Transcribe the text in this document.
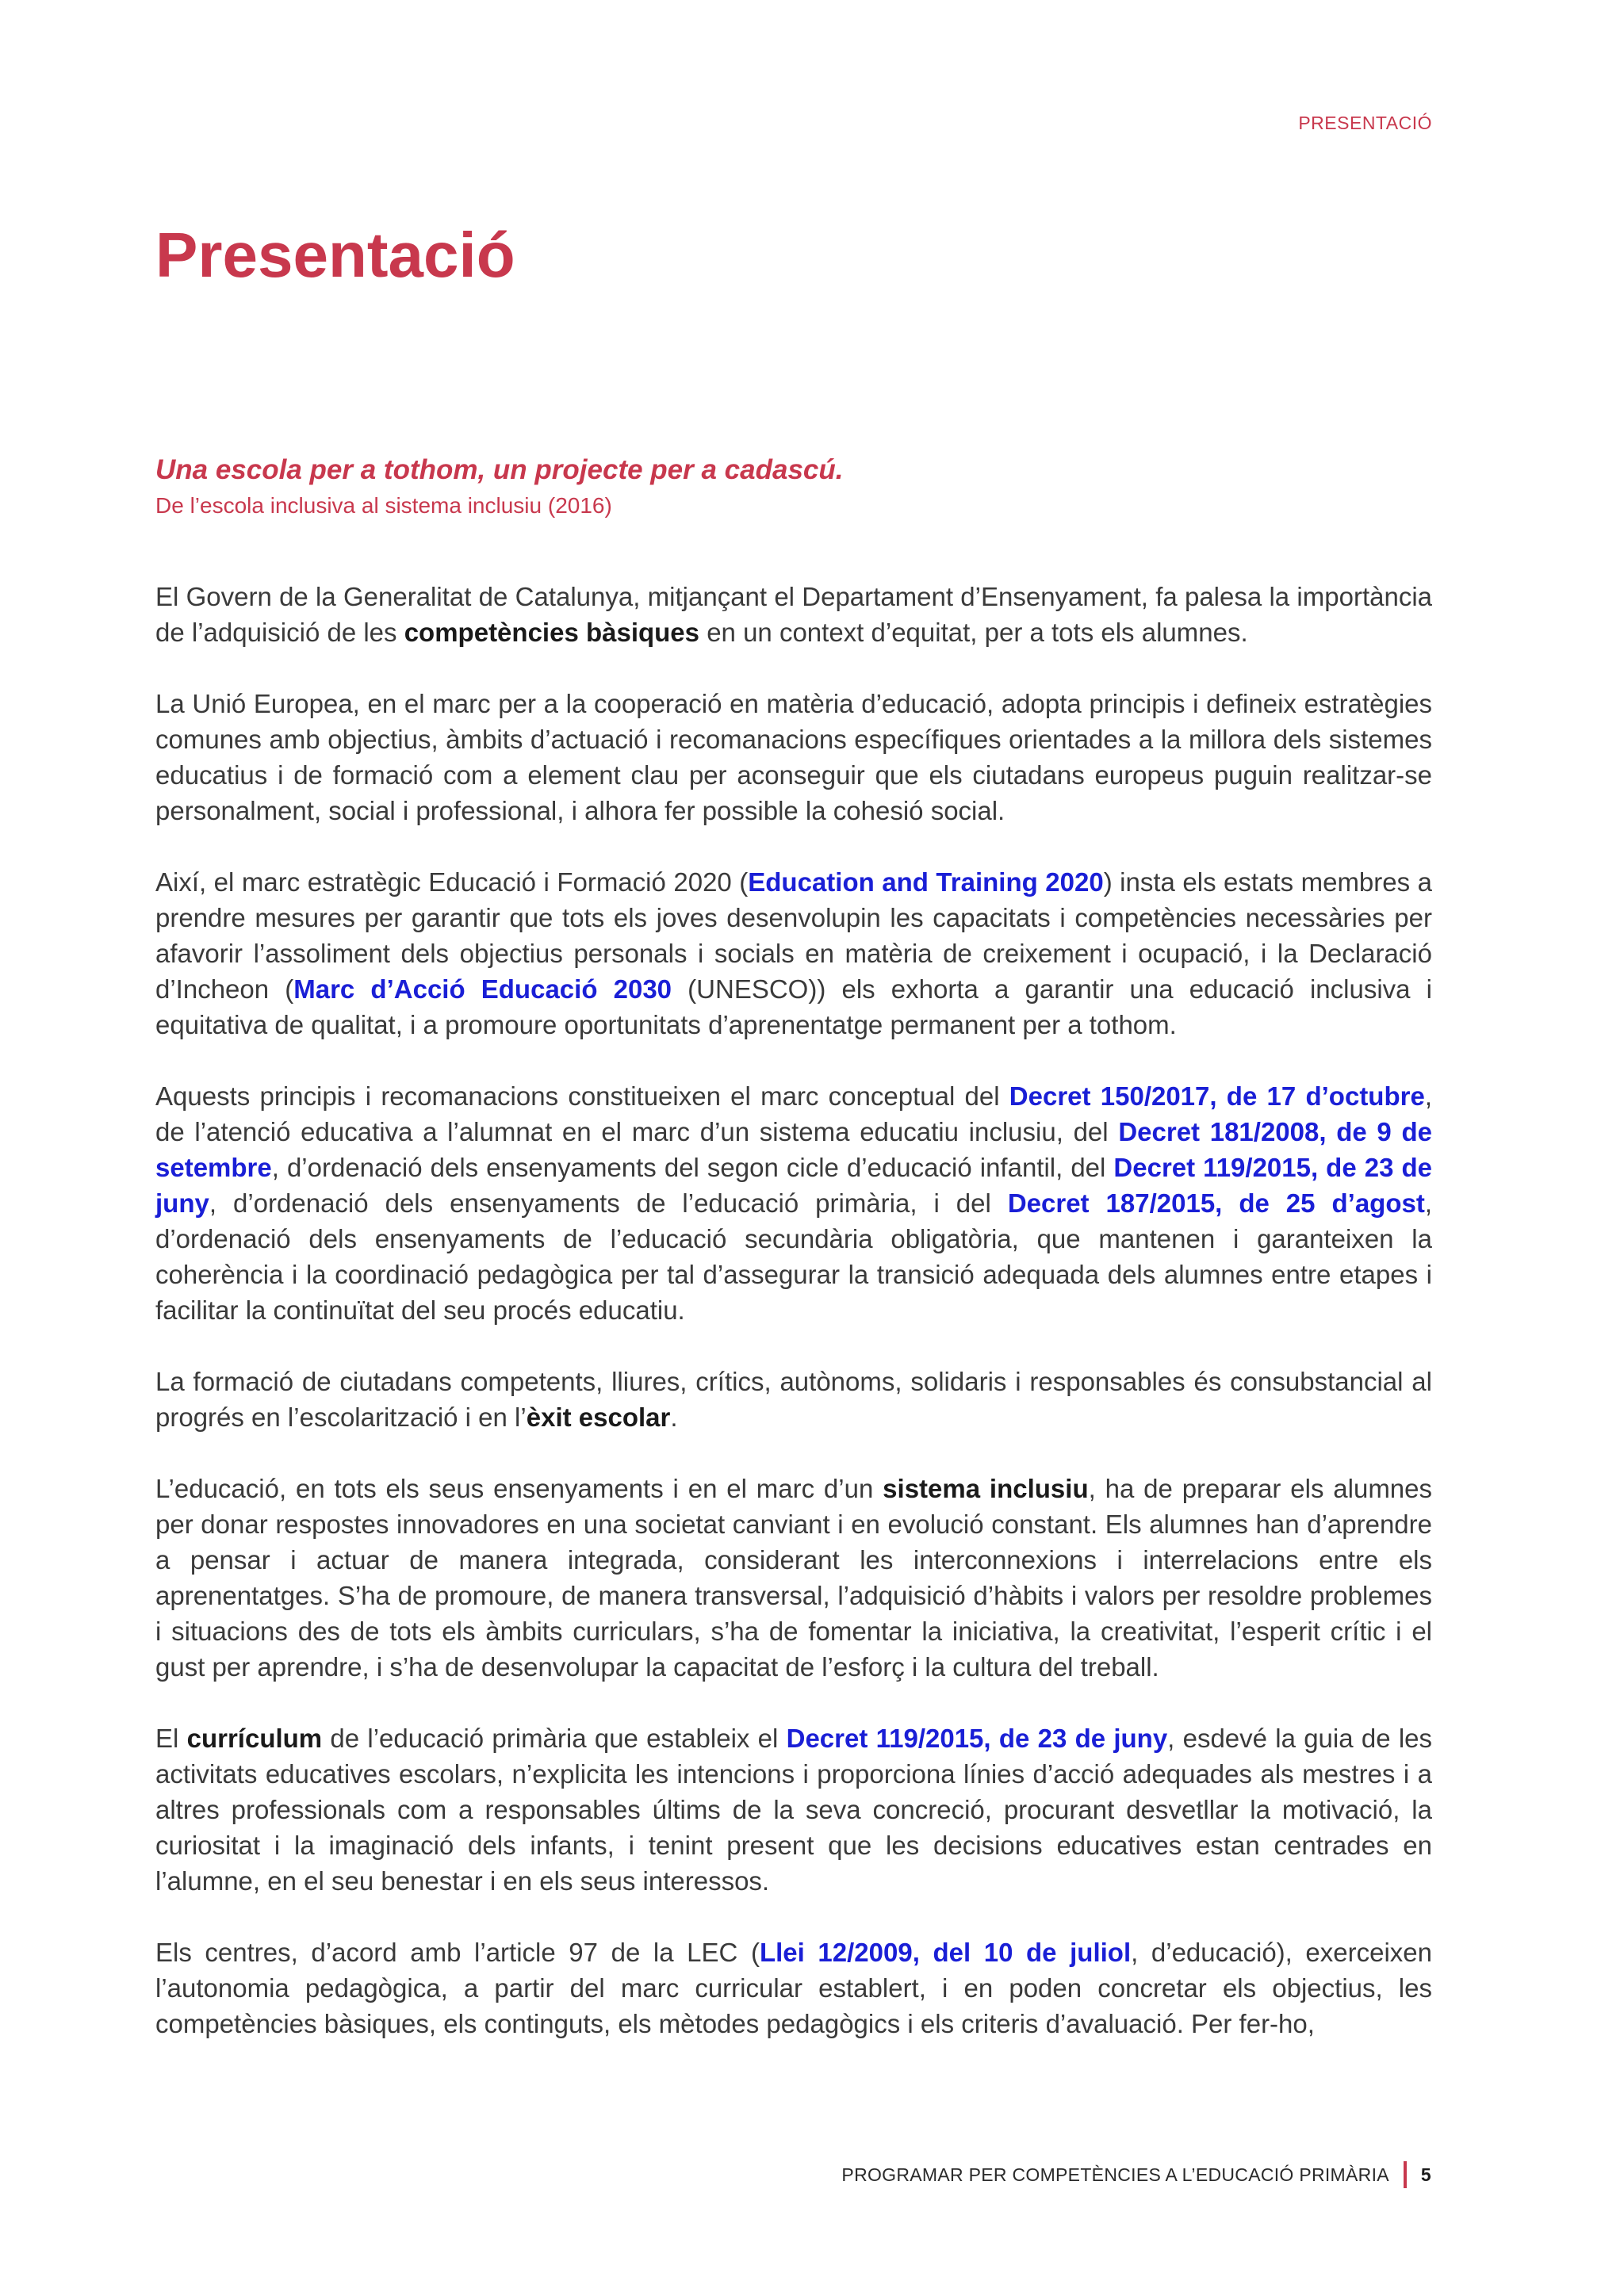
PRESENTACIÓ
Presentació
Una escola per a tothom, un projecte per a cadascú.
De l’escola inclusiva al sistema inclusiu (2016)

El Govern de la Generalitat de Catalunya, mitjançant el Departament d’Ensenyament, fa palesa la importància de l’adquisició de les competències bàsiques en un context d’equitat, per a tots els alumnes.

La Unió Europea, en el marc per a la cooperació en matèria d’educació, adopta principis i defineix estratègies comunes amb objectius, àmbits d’actuació i recomanacions específiques orientades a la millora dels sistemes educatius i de formació com a element clau per aconseguir que els ciutadans europeus puguin realitzar-se personalment, social i professional, i alhora fer possible la cohesió social.

Així, el marc estratègic Educació i Formació 2020 (Education and Training 2020) insta els estats membres a prendre mesures per garantir que tots els joves desenvolupin les capacitats i competències necessàries per afavorir l’assoliment dels objectius personals i socials en matèria de creixement i ocupació, i la Declaració d’Incheon (Marc d’Acció Educació 2030 (UNESCO)) els exhorta a garantir una educació inclusiva i equitativa de qualitat, i a promoure oportunitats d’aprenentatge permanent per a tothom.

Aquests principis i recomanacions constitueixen el marc conceptual del Decret 150/2017, de 17 d’octubre, de l’atenció educativa a l’alumnat en el marc d’un sistema educatiu inclusiu, del Decret 181/2008, de 9 de setembre, d’ordenació dels ensenyaments del segon cicle d’educació infantil, del Decret 119/2015, de 23 de juny, d’ordenació dels ensenyaments de l’educació primària, i del Decret 187/2015, de 25 d’agost, d’ordenació dels ensenyaments de l’educació secundària obligatòria, que mantenen i garanteixen la coherència i la coordinació pedagògica per tal d’assegurar la transició adequada dels alumnes entre etapes i facilitar la continuïtat del seu procés educatiu.

La formació de ciutadans competents, lliures, crítics, autònoms, solidaris i responsables és consubstancial al progrés en l’escolarització i en l’èxit escolar.

L’educació, en tots els seus ensenyaments i en el marc d’un sistema inclusiu, ha de preparar els alumnes per donar respostes innovadores en una societat canviant i en evolució constant. Els alumnes han d’aprendre a pensar i actuar de manera integrada, considerant les interconnexions i interrelacions entre els aprenentatges. S’ha de promoure, de manera transversal, l’adquisició d’hàbits i valors per resoldre problemes i situacions des de tots els àmbits curriculars, s’ha de fomentar la iniciativa, la creativitat, l’esperit crític i el gust per aprendre, i s’ha de desenvolupar la capacitat de l’esforç i la cultura del treball.

El currículum de l’educació primària que estableix el Decret 119/2015, de 23 de juny, esdevé la guia de les activitats educatives escolars, n’explicita les intencions i proporciona línies d’acció adequades als mestres i a altres professionals com a responsables últims de la seva concreció, procurant desvetllar la motivació, la curiositat i la imaginació dels infants, i tenint present que les decisions educatives estan centrades en l’alumne, en el seu benestar i en els seus interessos.

Els centres, d’acord amb l’article 97 de la LEC (Llei 12/2009, del 10 de juliol, d’educació), exerceixen l’autonomia pedagògica, a partir del marc curricular establert, i en poden concretar els objectius, les competències bàsiques, els continguts, els mètodes pedagògics i els criteris d’avaluació. Per fer-ho,

PROGRAMAR PER COMPETÈNCIES A L’EDUCACIÓ PRIMÀRIA 5
